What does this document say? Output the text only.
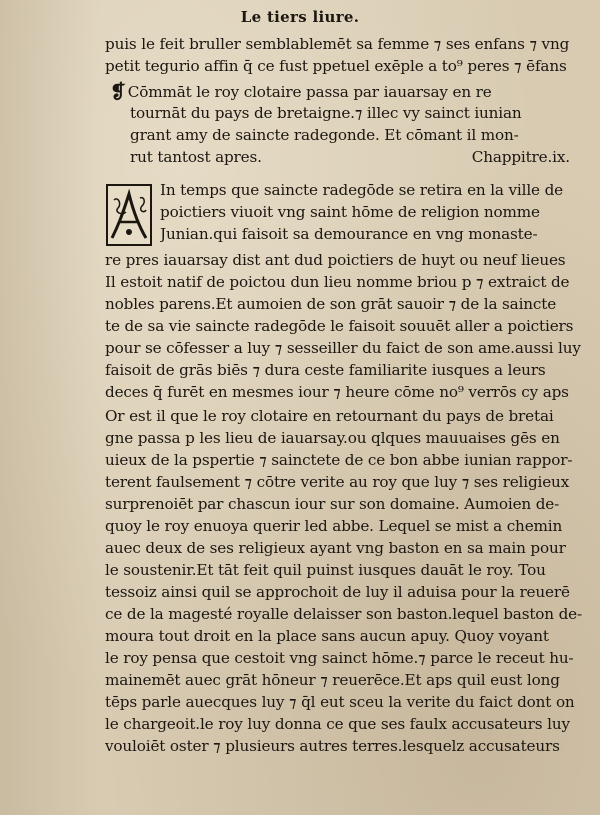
Le tiers liure.
puis le feit bruller semblablemēt sa femme ⁊ ses enfans ⁊ vng
petit tegurio affin q̄ ce fust ppetuel exēple a to⁹ peres ⁊ ēfans
❡ Cōmmāt le roy clotaire passa par iauarsay en re
tournāt du pays de bretaigne.⁊ illec vy sainct iunian
grant amy de saincte radegonde. Et cōmant il mon-
rut tantost apres.	Chappitre.ix.
In temps que saincte radegōde se retira en la ville de
poictiers viuoit vng saint hōme de religion nomme
Junian.qui faisoit sa demourance en vng monaste-
re pres iauarsay dist ant dud poictiers de huyt ou neuf lieues
Il estoit natif de poictou dun lieu nomme briou p ⁊ extraict de
nobles parens.Et aumoien de son grāt sauoir ⁊ de la saincte
te de sa vie saincte radegōde le faisoit souuēt aller a poictiers
pour se cōfesser a luy ⁊ sesseiller du faict de son ame.aussi luy
faisoit de grās biēs ⁊ dura ceste familiarite iusques a leurs
deces q̄ furēt en mesmes iour ⁊ heure cōme no⁹ verrōs cy aps
Or est il que le roy clotaire en retournant du pays de bretai
gne passa p les lieu de iauarsay.ou qlques mauuaises gēs en
uieux de la pspertie ⁊ sainctete de ce bon abbe iunian rappor-
terent faulsement ⁊ cōtre verite au roy que luy ⁊ ses religieux
surprenoiēt par chascun iour sur son domaine. Aumoien de-
quoy le roy enuoya querir led abbe. Lequel se mist a chemin
auec deux de ses religieux ayant vng baston en sa main pour
le soustenir.Et tāt feit quil puinst iusques dauāt le roy. Tou
tessoiz ainsi quil se approchoit de luy il aduisa pour la reuerē
ce de la magesté royalle delaisser son baston.lequel baston de-
moura tout droit en la place sans aucun apuy. Quoy voyant
le roy pensa que cestoit vng sainct hōme.⁊ parce le receut hu-
mainemēt auec grāt hōneur ⁊ reuerēce.Et aps quil eust long
tēps parle auecques luy ⁊ q̄l eut sceu la verite du faict dont on
le chargeoit.le roy luy donna ce que ses faulx accusateurs luy
vouloiēt oster ⁊ plusieurs autres terres.lesquelz accusateurs
